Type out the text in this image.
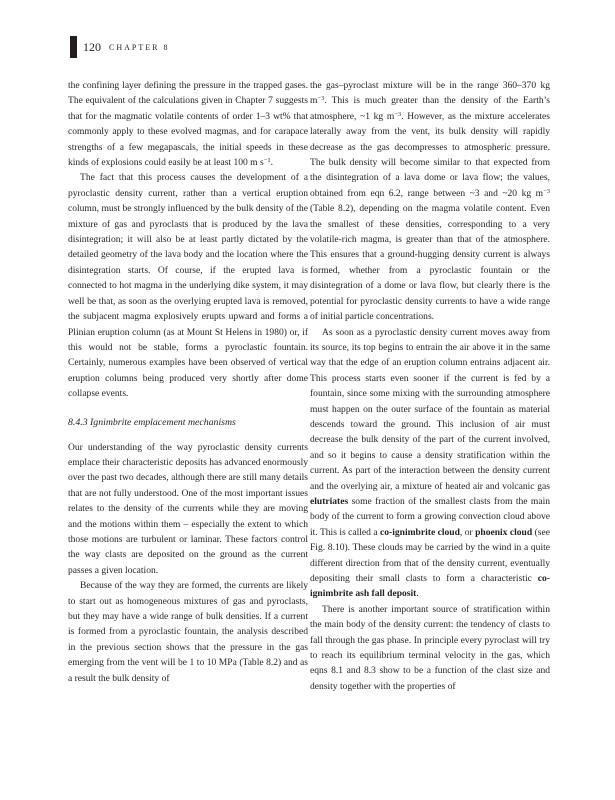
120 CHAPTER 8

the confining layer defining the pressure in the trapped gases. The equivalent of the calculations given in Chapter 7 suggests that for the magmatic volatile contents of order 1–3 wt% that commonly apply to these evolved magmas, and for carapace strengths of a few megapascals, the initial speeds in these kinds of explosions could easily be at least 100 m $s^{-1}$.

The fact that this process causes the development of a pyroclastic density current, rather than a vertical eruption column, must be strongly influenced by the bulk density of the mixture of gas and pyroclasts that is produced by the lava disintegration; it will also be at least partly dictated by the detailed geometry of the lava body and the location where the disintegration starts. Of course, if the erupted lava is connected to hot magma in the underlying dike system, it may well be that, as soon as the overlying erupted lava is removed, the subjacent magma explosively erupts upward and forms a Plinian eruption column (as at Mount St Helens in 1980) or, if this would not be stable, forms a pyroclastic fountain. Certainly, numerous examples have been observed of vertical eruption columns being produced very shortly after dome collapse events.

8.4.3 Ignimbrite emplacement mechanisms

Our understanding of the way pyroclastic density currents emplace their characteristic deposits has advanced enormously over the past two decades, although there are still many details that are not fully understood. One of the most important issues relates to the density of the currents while they are moving and the motions within them – especially the extent to which those motions are turbulent or laminar. These factors control the way clasts are deposited on the ground as the current passes a given location.

Because of the way they are formed, the currents are likely to start out as homogeneous mixtures of gas and pyroclasts, but they may have a wide range of bulk densities. If a current is formed from a pyroclastic fountain, the analysis described in the previous section shows that the pressure in the gas emerging from the vent will be 1 to 10 MPa (Table 8.2) and as a result the bulk density of

the gas–pyroclast mixture will be in the range 360–370 kg $m^{-3}$. This is much greater than the density of the Earth’s atmosphere, ~1 kg $m^{-3}$. However, as the mixture accelerates laterally away from the vent, its bulk density will rapidly decrease as the gas decompresses to atmospheric pressure. The bulk density will become similar to that expected from the disintegration of a lava dome or lava flow; the values, obtained from eqn 6.2, range between ~3 and ~20 kg $m^{-3}$ (Table 8.2), depending on the magma volatile content. Even the smallest of these densities, corresponding to a very volatile-rich magma, is greater than that of the atmosphere. This ensures that a ground-hugging density current is always formed, whether from a pyroclastic fountain or the disintegration of a dome or lava flow, but clearly there is the potential for pyroclastic density currents to have a wide range of initial particle concentrations.

As soon as a pyroclastic density current moves away from its source, its top begins to entrain the air above it in the same way that the edge of an eruption column entrains adjacent air. This process starts even sooner if the current is fed by a fountain, since some mixing with the surrounding atmosphere must happen on the outer surface of the fountain as material descends toward the ground. This inclusion of air must decrease the bulk density of the part of the current involved, and so it begins to cause a density stratification within the current. As part of the interaction between the density current and the overlying air, a mixture of heated air and volcanic gas elutriates some fraction of the smallest clasts from the main body of the current to form a growing convection cloud above it. This is called a co-ignimbrite cloud, or phoenix cloud (see Fig. 8.10). These clouds may be carried by the wind in a quite different direction from that of the density current, eventually depositing their small clasts to form a characteristic co-ignimbrite ash fall deposit.

There is another important source of stratification within the main body of the density current: the tendency of clasts to fall through the gas phase. In principle every pyroclast will try to reach its equilibrium terminal velocity in the gas, which eqns 8.1 and 8.3 show to be a function of the clast size and density together with the properties of
